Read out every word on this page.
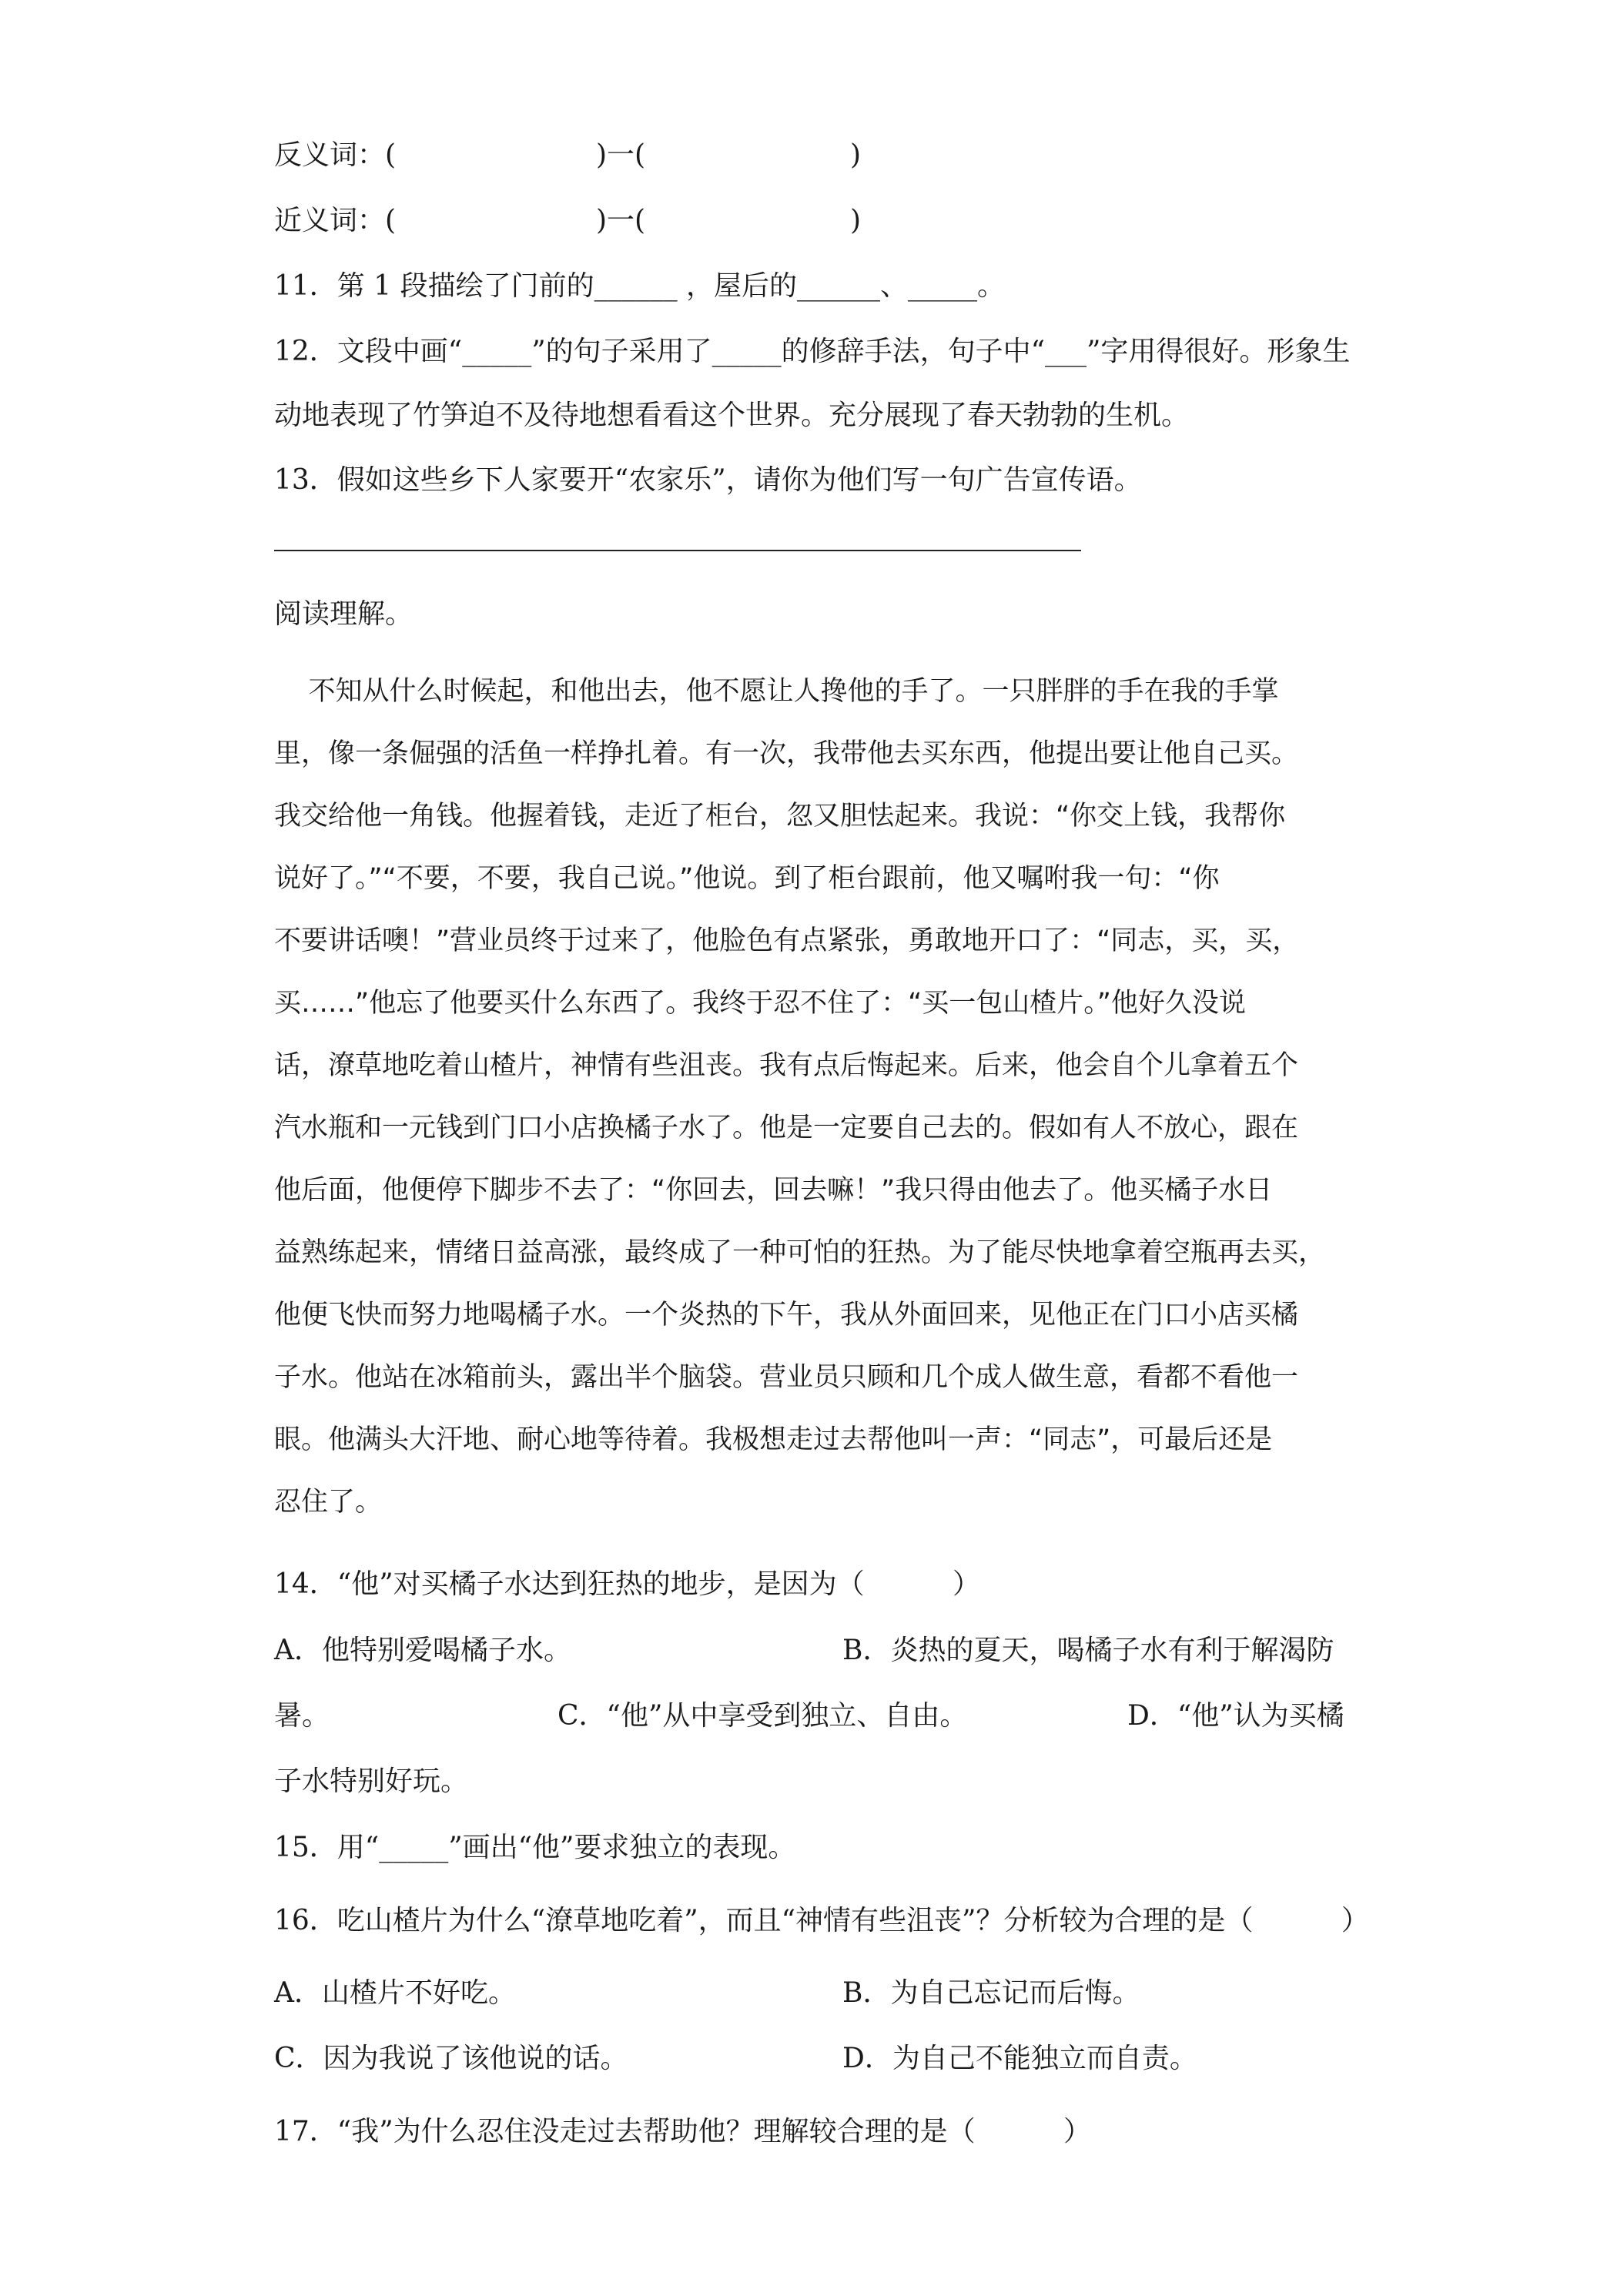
反义词：(	)一(	)
近义词：(	)一(	)
11．第 1 段描绘了门前的______ ，屋后的______、_____。
12．文段中画“_____”的句子采用了_____的修辞手法，句子中“___”字用得很好。形象生
动地表现了竹笋迫不及待地想看看这个世界。充分展现了春天勃勃的生机。
13．假如这些乡下人家要开“农家乐”，请你为他们写一句广告宣传语。
阅读理解。
不知从什么时候起，和他出去，他不愿让人搀他的手了。一只胖胖的手在我的手掌
里，像一条倔强的活鱼一样挣扎着。有一次，我带他去买东西，他提出要让他自己买。
我交给他一角钱。他握着钱，走近了柜台，忽又胆怯起来。我说：“你交上钱，我帮你
说好了。”“不要，不要，我自己说。”他说。到了柜台跟前，他又嘱咐我一句：“你
不要讲话噢！”营业员终于过来了，他脸色有点紧张，勇敢地开口了：“同志，买，买，
买……”他忘了他要买什么东西了。我终于忍不住了：“买一包山楂片。”他好久没说
话，潦草地吃着山楂片，神情有些沮丧。我有点后悔起来。后来，他会自个儿拿着五个
汽水瓶和一元钱到门口小店换橘子水了。他是一定要自己去的。假如有人不放心，跟在
他后面，他便停下脚步不去了：“你回去，回去嘛！”我只得由他去了。他买橘子水日
益熟练起来，情绪日益高涨，最终成了一种可怕的狂热。为了能尽快地拿着空瓶再去买，
他便飞快而努力地喝橘子水。一个炎热的下午，我从外面回来，见他正在门口小店买橘
子水。他站在冰箱前头，露出半个脑袋。营业员只顾和几个成人做生意，看都不看他一
眼。他满头大汗地、耐心地等待着。我极想走过去帮他叫一声：“同志”，可最后还是
忍住了。
14．“他”对买橘子水达到狂热的地步，是因为（          ）
A．他特别爱喝橘子水。	B．炎热的夏天，喝橘子水有利于解渴防
暑。	C．“他”从中享受到独立、自由。	D．“他”认为买橘
子水特别好玩。
15．用“_____”画出“他”要求独立的表现。
16．吃山楂片为什么“潦草地吃着”，而且“神情有些沮丧”？分析较为合理的是（          ）
A．山楂片不好吃。	B．为自己忘记而后悔。
C．因为我说了该他说的话。	D．为自己不能独立而自责。
17．“我”为什么忍住没走过去帮助他？理解较合理的是（          ）
